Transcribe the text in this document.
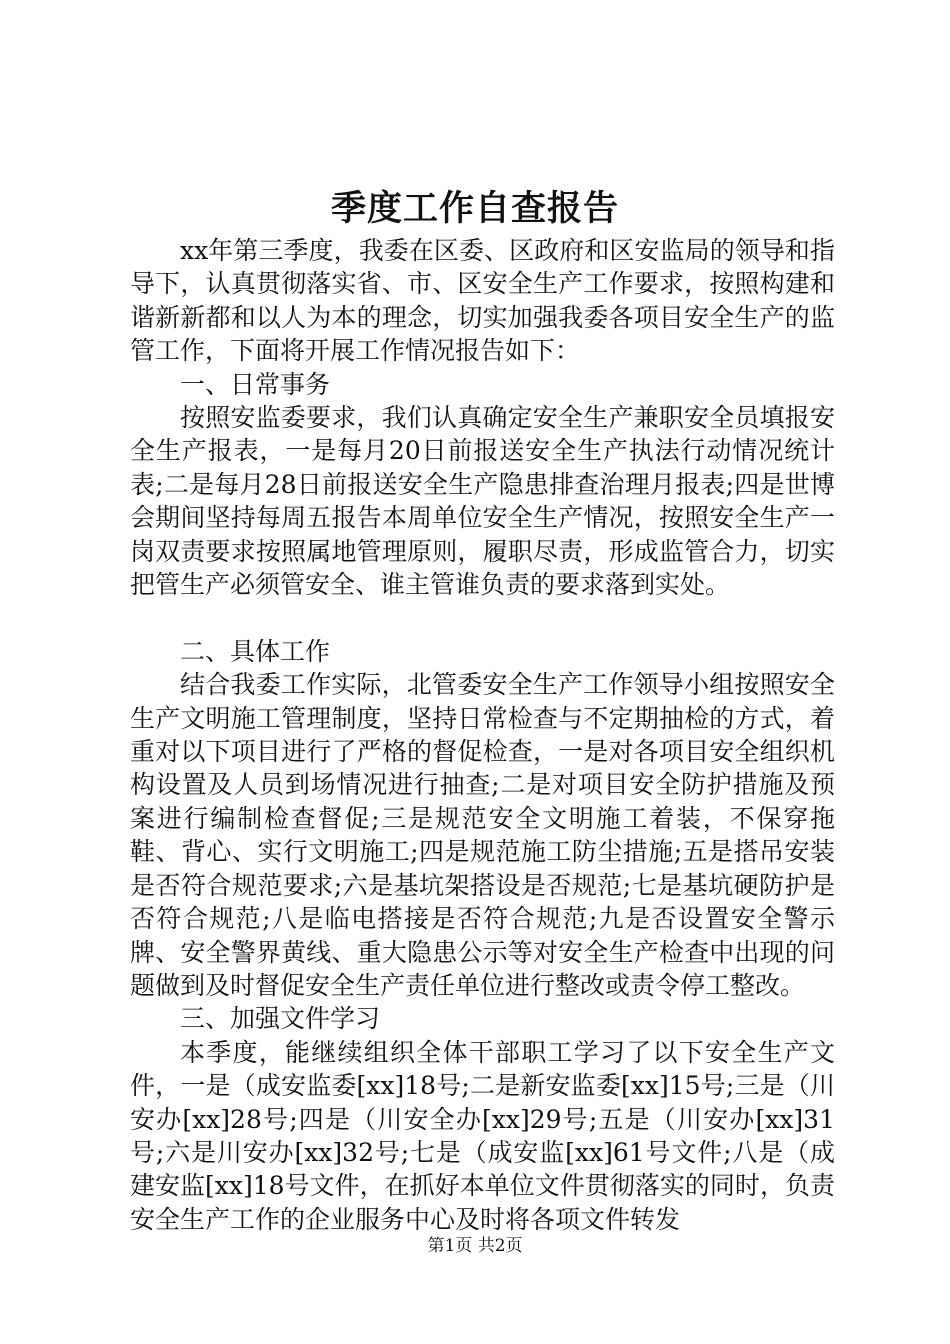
季度工作自查报告

xx年第三季度，我委在区委、区政府和区安监局的领导和指导下，认真贯彻落实省、市、区安全生产工作要求，按照构建和谐新新都和以人为本的理念，切实加强我委各项目安全生产的监管工作，下面将开展工作情况报告如下：

一、日常事务

按照安监委要求，我们认真确定安全生产兼职安全员填报安全生产报表，一是每月20日前报送安全生产执法行动情况统计表;二是每月28日前报送安全生产隐患排查治理月报表;四是世博会期间坚持每周五报告本周单位安全生产情况，按照安全生产一岗双责要求按照属地管理原则，履职尽责，形成监管合力，切实把管生产必须管安全、谁主管谁负责的要求落到实处。

二、具体工作

结合我委工作实际，北管委安全生产工作领导小组按照安全生产文明施工管理制度，坚持日常检查与不定期抽检的方式，着重对以下项目进行了严格的督促检查，一是对各项目安全组织机构设置及人员到场情况进行抽查;二是对项目安全防护措施及预案进行编制检查督促;三是规范安全文明施工着装，不保穿拖鞋、背心、实行文明施工;四是规范施工防尘措施;五是搭吊安装是否符合规范要求;六是基坑架搭设是否规范;七是基坑硬防护是否符合规范;八是临电搭接是否符合规范;九是否设置安全警示牌、安全警界黄线、重大隐患公示等对安全生产检查中出现的问题做到及时督促安全生产责任单位进行整改或责令停工整改。

三、加强文件学习

本季度，能继续组织全体干部职工学习了以下安全生产文件，一是（成安监委[xx]18号;二是新安监委[xx]15号;三是（川安办[xx]28号;四是（川安全办[xx]29号;五是（川安办[xx]31号;六是川安办[xx]32号;七是（成安监[xx]61号文件;八是（成建安监[xx]18号文件，在抓好本单位文件贯彻落实的同时，负责安全生产工作的企业服务中心及时将各项文件转发

第1页 共2页
